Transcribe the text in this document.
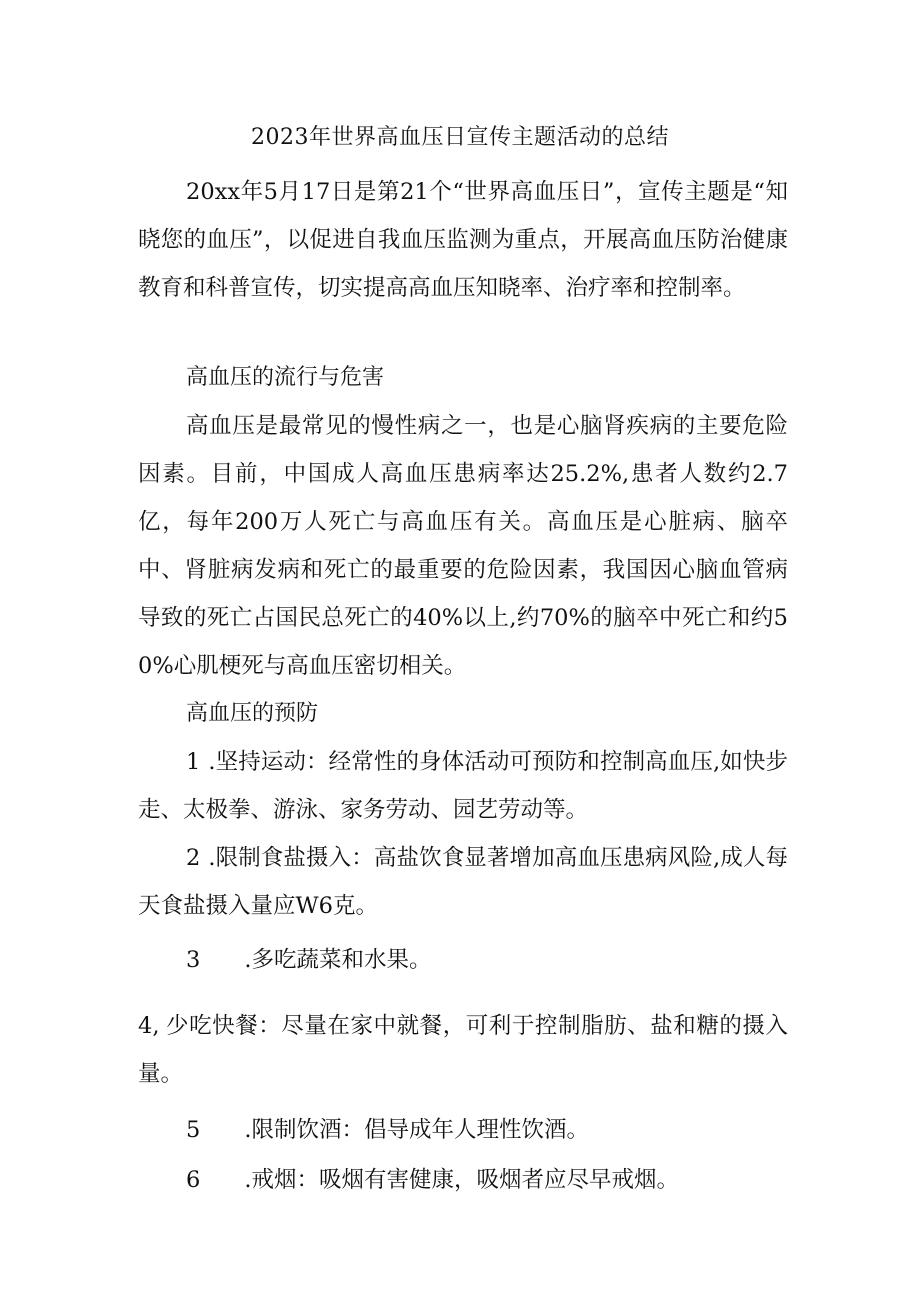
2023年世界高血压日宣传主题活动的总结

20xx年5月17日是第21个“世界高血压日”，宣传主题是“知晓您的血压”，以促进自我血压监测为重点，开展高血压防治健康教育和科普宣传，切实提高高血压知晓率、治疗率和控制率。

高血压的流行与危害

高血压是最常见的慢性病之一，也是心脑肾疾病的主要危险因素。目前，中国成人高血压患病率达25.2%,患者人数约2.7亿，每年200万人死亡与高血压有关。高血压是心脏病、脑卒中、肾脏病发病和死亡的最重要的危险因素，我国因心脑血管病导致的死亡占国民总死亡的40%以上,约70%的脑卒中死亡和约50%心肌梗死与高血压密切相关。

高血压的预防

1 .坚持运动：经常性的身体活动可预防和控制高血压,如快步走、太极拳、游泳、家务劳动、园艺劳动等。

2 .限制食盐摄入：高盐饮食显著增加高血压患病风险,成人每天食盐摄入量应W6克。

3 .多吃蔬菜和水果。

4, 少吃快餐：尽量在家中就餐，可利于控制脂肪、盐和糖的摄入量。

5 .限制饮酒：倡导成年人理性饮酒。

6 .戒烟：吸烟有害健康，吸烟者应尽早戒烟。
